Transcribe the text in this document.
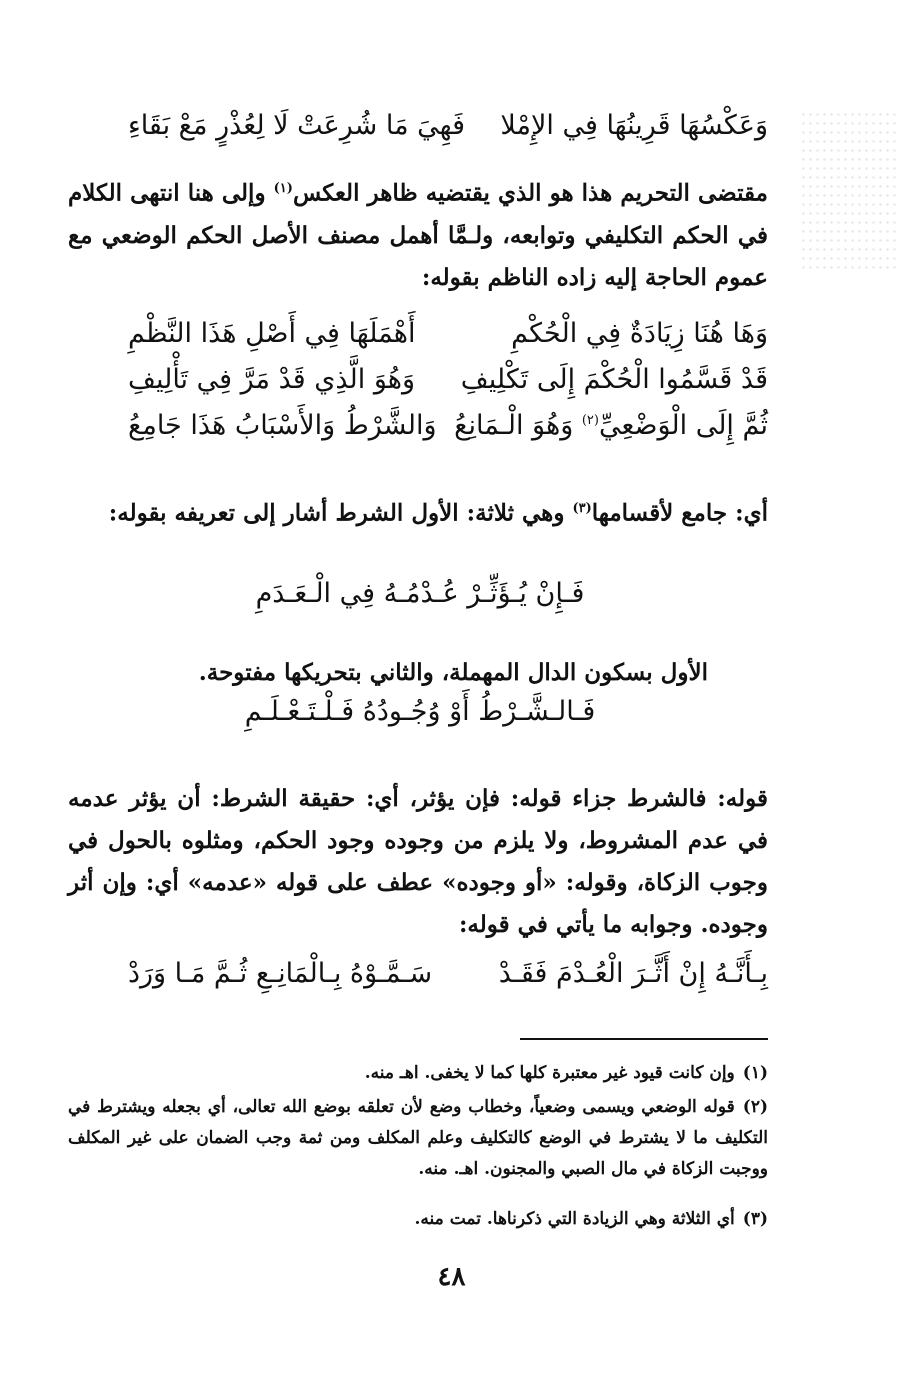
وَعَكْسُهَا قَرِينُهَا فِي الإِمْلا
فَهِيَ مَا شُرِعَتْ لَا لِعُذْرٍ مَعْ بَقَاءِ
مقتضى التحريم هذا هو الذي يقتضيه ظاهر العكس$^{(١)}$ وإلى هنا انتهى الكلام في الحكم التكليفي وتوابعه، ولـمَّا أهمل مصنف الأصل الحكم الوضعي مع عموم الحاجة إليه زاده الناظم بقوله:
وَهَا هُنَا زِيَادَةٌ فِي الْحُكْمِ
أَهْمَلَهَا فِي أَصْلِ هَذَا النَّظْمِ
قَدْ قَسَّمُوا الْحُكْمَ إِلَى تَكْلِيفِ
وَهُوَ الَّذِي قَدْ مَرَّ فِي تَأْلِيفِ
ثُمَّ إِلَى الْوَضْعِيِّ$^{(٢)}$ وَهُوَ الْـمَانِعُ
وَالشَّرْطُ وَالأَسْبَابُ هَذَا جَامِعُ
أي: جامع لأقسامها$^{(٣)}$ وهي ثلاثة: الأول الشرط أشار إلى تعريفه بقوله:
فَـإِنْ يُـؤَثِّـرْ عُـدْمُـهُ فِي الْـعَـدَمِ
الأول بسكون الدال المهملة، والثاني بتحريكها مفتوحة.
فَـالـشَّـرْطُ أَوْ وُجُـودُهُ فَـلْـتَـعْـلَـمِ
قوله: فالشرط جزاء قوله: فإن يؤثر، أي: حقيقة الشرط: أن يؤثر عدمه في عدم المشروط، ولا يلزم من وجوده وجود الحكم، ومثلوه بالحول في وجوب الزكاة، وقوله: «أو وجوده» عطف على قوله «عدمه» أي: وإن أثر وجوده. وجوابه ما يأتي في قوله:
بِـأَنَّـهُ إِنْ أَثَّـرَ الْعُـدْمَ فَقَـدْ
سَـمَّـوْهُ بِـالْمَانِـعِ ثُـمَّ مَـا وَرَدْ
(١)وإن كانت قيود غير معتبرة كلها كما لا يخفى. اهـ منه.
(٢)قوله الوضعي ويسمى وضعياً، وخطاب وضع لأن تعلقه بوضع الله تعالى، أي بجعله ويشترط في التكليف ما لا يشترط في الوضع كالتكليف وعلم المكلف ومن ثمة وجب الضمان على غير المكلف ووجبت الزكاة في مال الصبي والمجنون. اهـ. منه.
(٣)أي الثلاثة وهي الزيادة التي ذكرناها. تمت منه.
٤٨
